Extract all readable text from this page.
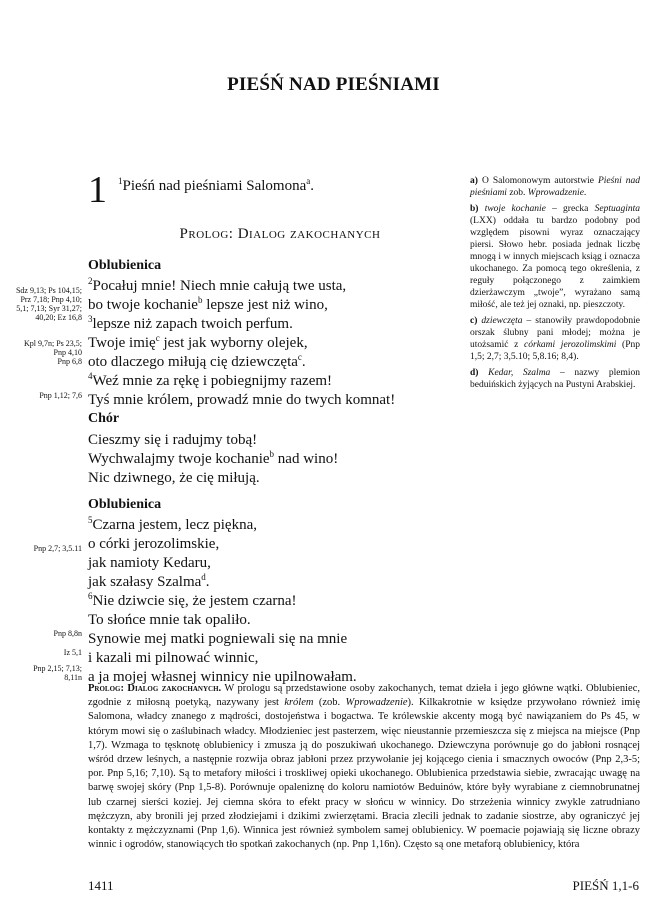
PIEŚŃ NAD PIEŚNIAMI
1 $^1$Pieśń nad pieśniami Salomona$^a$.
Prolog: Dialog zakochanych
Oblubienica
$^2$Pocałuj mnie! Niech mnie całują twe usta,
bo twoje kochanie$^b$ lepsze jest niż wino,
$^3$lepsze niż zapach twoich perfum.
Twoje imię$^c$ jest jak wyborny olejek,
oto dlaczego miłują cię dziewczęta$^c$.
$^4$Weź mnie za rękę i pobiegnijmy razem!
Tyś mnie królem, prowadź mnie do twych komnat!
Chór
Cieszmy się i radujmy tobą!
Wychwalajmy twoje kochanie$^b$ nad wino!
Nic dziwnego, że cię miłują.
Oblubienica
$^5$Czarna jestem, lecz piękna,
o córki jerozolimskie,
jak namioty Kedaru,
jak szałasy Szalma$^d$.
$^6$Nie dziwcie się, że jestem czarna!
To słońce mnie tak opaliło.
Synowie mej matki pogniewali się na mnie
i kazali mi pilnować winnic,
a ja mojej własnej winnicy nie upilnowałam.
Sdz 9,13; Ps 104,15;
Prz 7,18; Pnp 4,10;
5,1; 7,13; Syr 31,27;
40,20; Ez 16,8
Kpl 9,7n; Ps 23,5;
Pnp 4,10
Pnp 6,8
Pnp 1,12; 7,6
Pnp 2,7; 3,5.11
Pnp 8,8n
Iz 5,1
Pnp 2,15; 7,13;
8,11n

a) O Salomonowym autorstwie Pieśni nad pieśniami zob. Wprowadzenie.

b) twoje kochanie – grecka Septuaginta (LXX) oddała tu bardzo podobny pod względem pisowni wyraz oznaczający piersi. Słowo hebr. posiada jednak liczbę mnogą i w innych miejscach ksiąg i oznacza ukochanego. Za pomocą tego określenia, z reguły połączonego z zaimkiem dzierżawczym „twoje”, wyrażano samą miłość, ale też jej oznaki, np. pieszczoty.

c) dziewczęta – stanowiły prawdopodobnie orszak ślubny pani młodej; można je utożsamić z córkami jerozolimskimi (Pnp 1,5; 2,7; 3,5.10; 5,8.16; 8,4).

d) Kedar, Szalma – nazwy plemion beduińskich żyjących na Pustyni Arabskiej.

Prolog: Dialog zakochanych. W prologu są przedstawione osoby zakochanych, temat dzieła i jego główne wątki. Oblubieniec, zgodnie z miłosną poetyką, nazywany jest królem (zob. Wprowadzenie). Kilkakrotnie w księdze przywołano również imię Salomona, władcy znanego z mądrości, dostojeństwa i bogactwa. Te królewskie akcenty mogą być nawiązaniem do Ps 45, w którym mowi się o zaślubinach władcy. Młodzieniec jest pasterzem, więc nieustannie przemieszcza się z miejsca na miejsce (Pnp 1,7). Wzmaga to tęsknotę oblubienicy i zmusza ją do poszukiwań ukochanego. Dziewczyna porównuje go do jabłoni rosnącej wśród drzew leśnych, a następnie rozwija obraz jabłoni przez przywołanie jej kojącego cienia i smacznych owoców (Pnp 2,3-5; por. Pnp 5,16; 7,10). Są to metafory miłości i troskliwej opieki ukochanego. Oblubienica przedstawia siebie, zwracając uwagę na barwę swojej skóry (Pnp 1,5-8). Porównuje opaleniznę do koloru namiotów Beduinów, które były wyrabiane z ciemnobrunatnej lub czarnej sierści koziej. Jej ciemna skóra to efekt pracy w słońcu w winnicy. Do strzeżenia winnicy zwykle zatrudniano mężczyzn, aby bronili jej przed złodziejami i dzikimi zwierzętami. Bracia zlecili jednak to zadanie siostrze, aby ograniczyć jej kontakty z mężczyznami (Pnp 1,6). Winnica jest również symbolem samej oblubienicy. W poemacie pojawiają się liczne obrazy winnic i ogrodów, stanowiących tło spotkań zakochanych (np. Pnp 1,16n). Często są one metaforą oblubienicy, która
1411	PIEŚŃ 1,1-6
